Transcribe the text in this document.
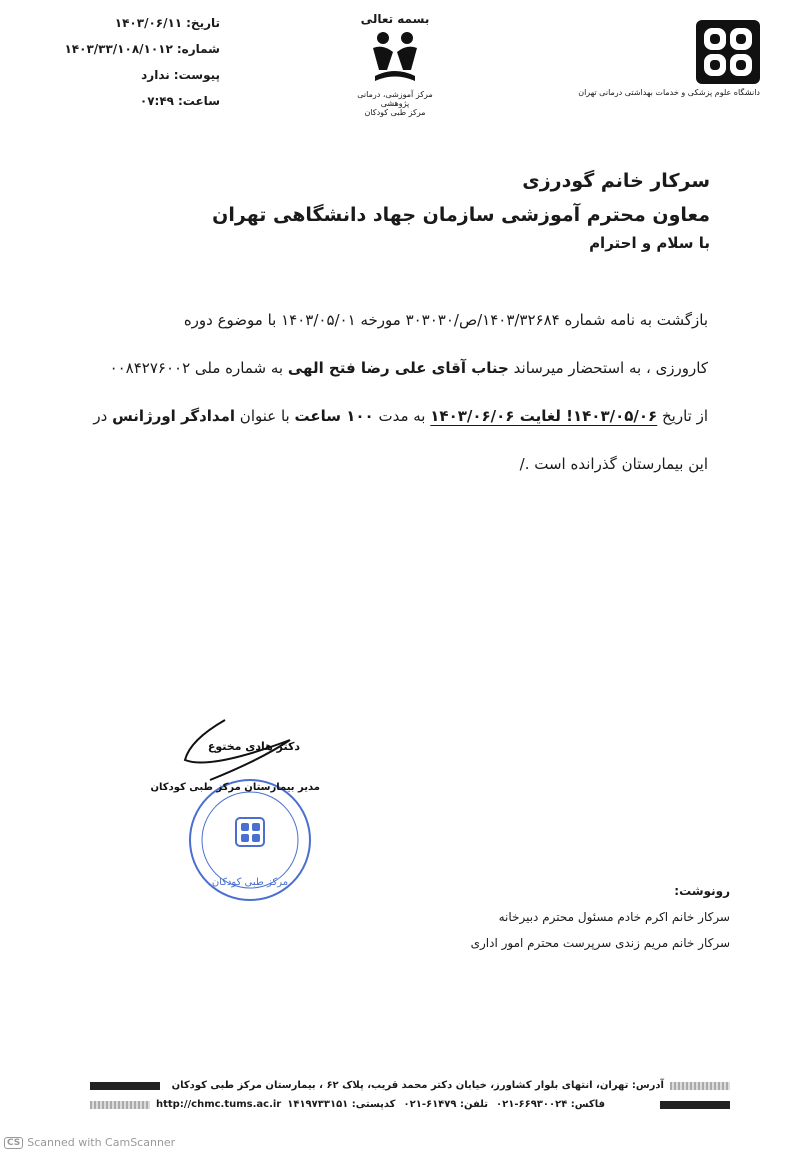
تاریخ:
۱۴۰۳/۰۶/۱۱
شماره:
۱۴۰۳/۳۳/۱۰۸/۱۰۱۲
پیوست:
ندارد
ساعت:
۰۷:۴۹
بسمه تعالی
مرکز آموزشی، درمانی پژوهشی
مرکز طبی کودکان
دانشگاه علوم پزشکی و خدمات بهداشتی درمانی تهران
سرکار خانم گودرزی
معاون محترم آموزشی سازمان جهاد دانشگاهی تهران
با سلام و احترام

بازگشت به نامه شماره ۱۴۰۳/۳۲۶۸۴/ص/۳۰۳۰۳۰ مورخه ۱۴۰۳/۰۵/۰۱ با موضوع دوره

کارورزی ، به استحضار میرساند جناب آقای علی رضا فتح الهی به شماره ملی ۰۰۸۴۲۷۶۰۰۲

از تاریخ ۱۴۰۳/۰۵/۰۶! لغایت ۱۴۰۳/۰۶/۰۶ به مدت ۱۰۰ ساعت با عنوان امدادگر اورژانس در

این بیمارستان گذرانده است ./

مرکز طبی کودکان
دکتر هادی مختوع
مدیر بیمارستان مرکز طبی کودکان
رونوشت:
سرکار خانم اکرم خادم مسئول محترم دبیرخانه
سرکار خانم مریم زندی سرپرست محترم امور اداری
آدرس: تهران، انتهای بلوار کشاورز، خیابان دکتر محمد قریب، پلاک ۶۲ ، بیمارستان مرکز طبی کودکان
http://chmc.tums.ac.ir	فاکس: ۶۶۹۳۰۰۲۴-۰۲۱
تلفن: ۶۱۴۷۹-۰۲۱
کدپستی: ۱۴۱۹۷۳۳۱۵۱
CS Scanned with CamScanner
